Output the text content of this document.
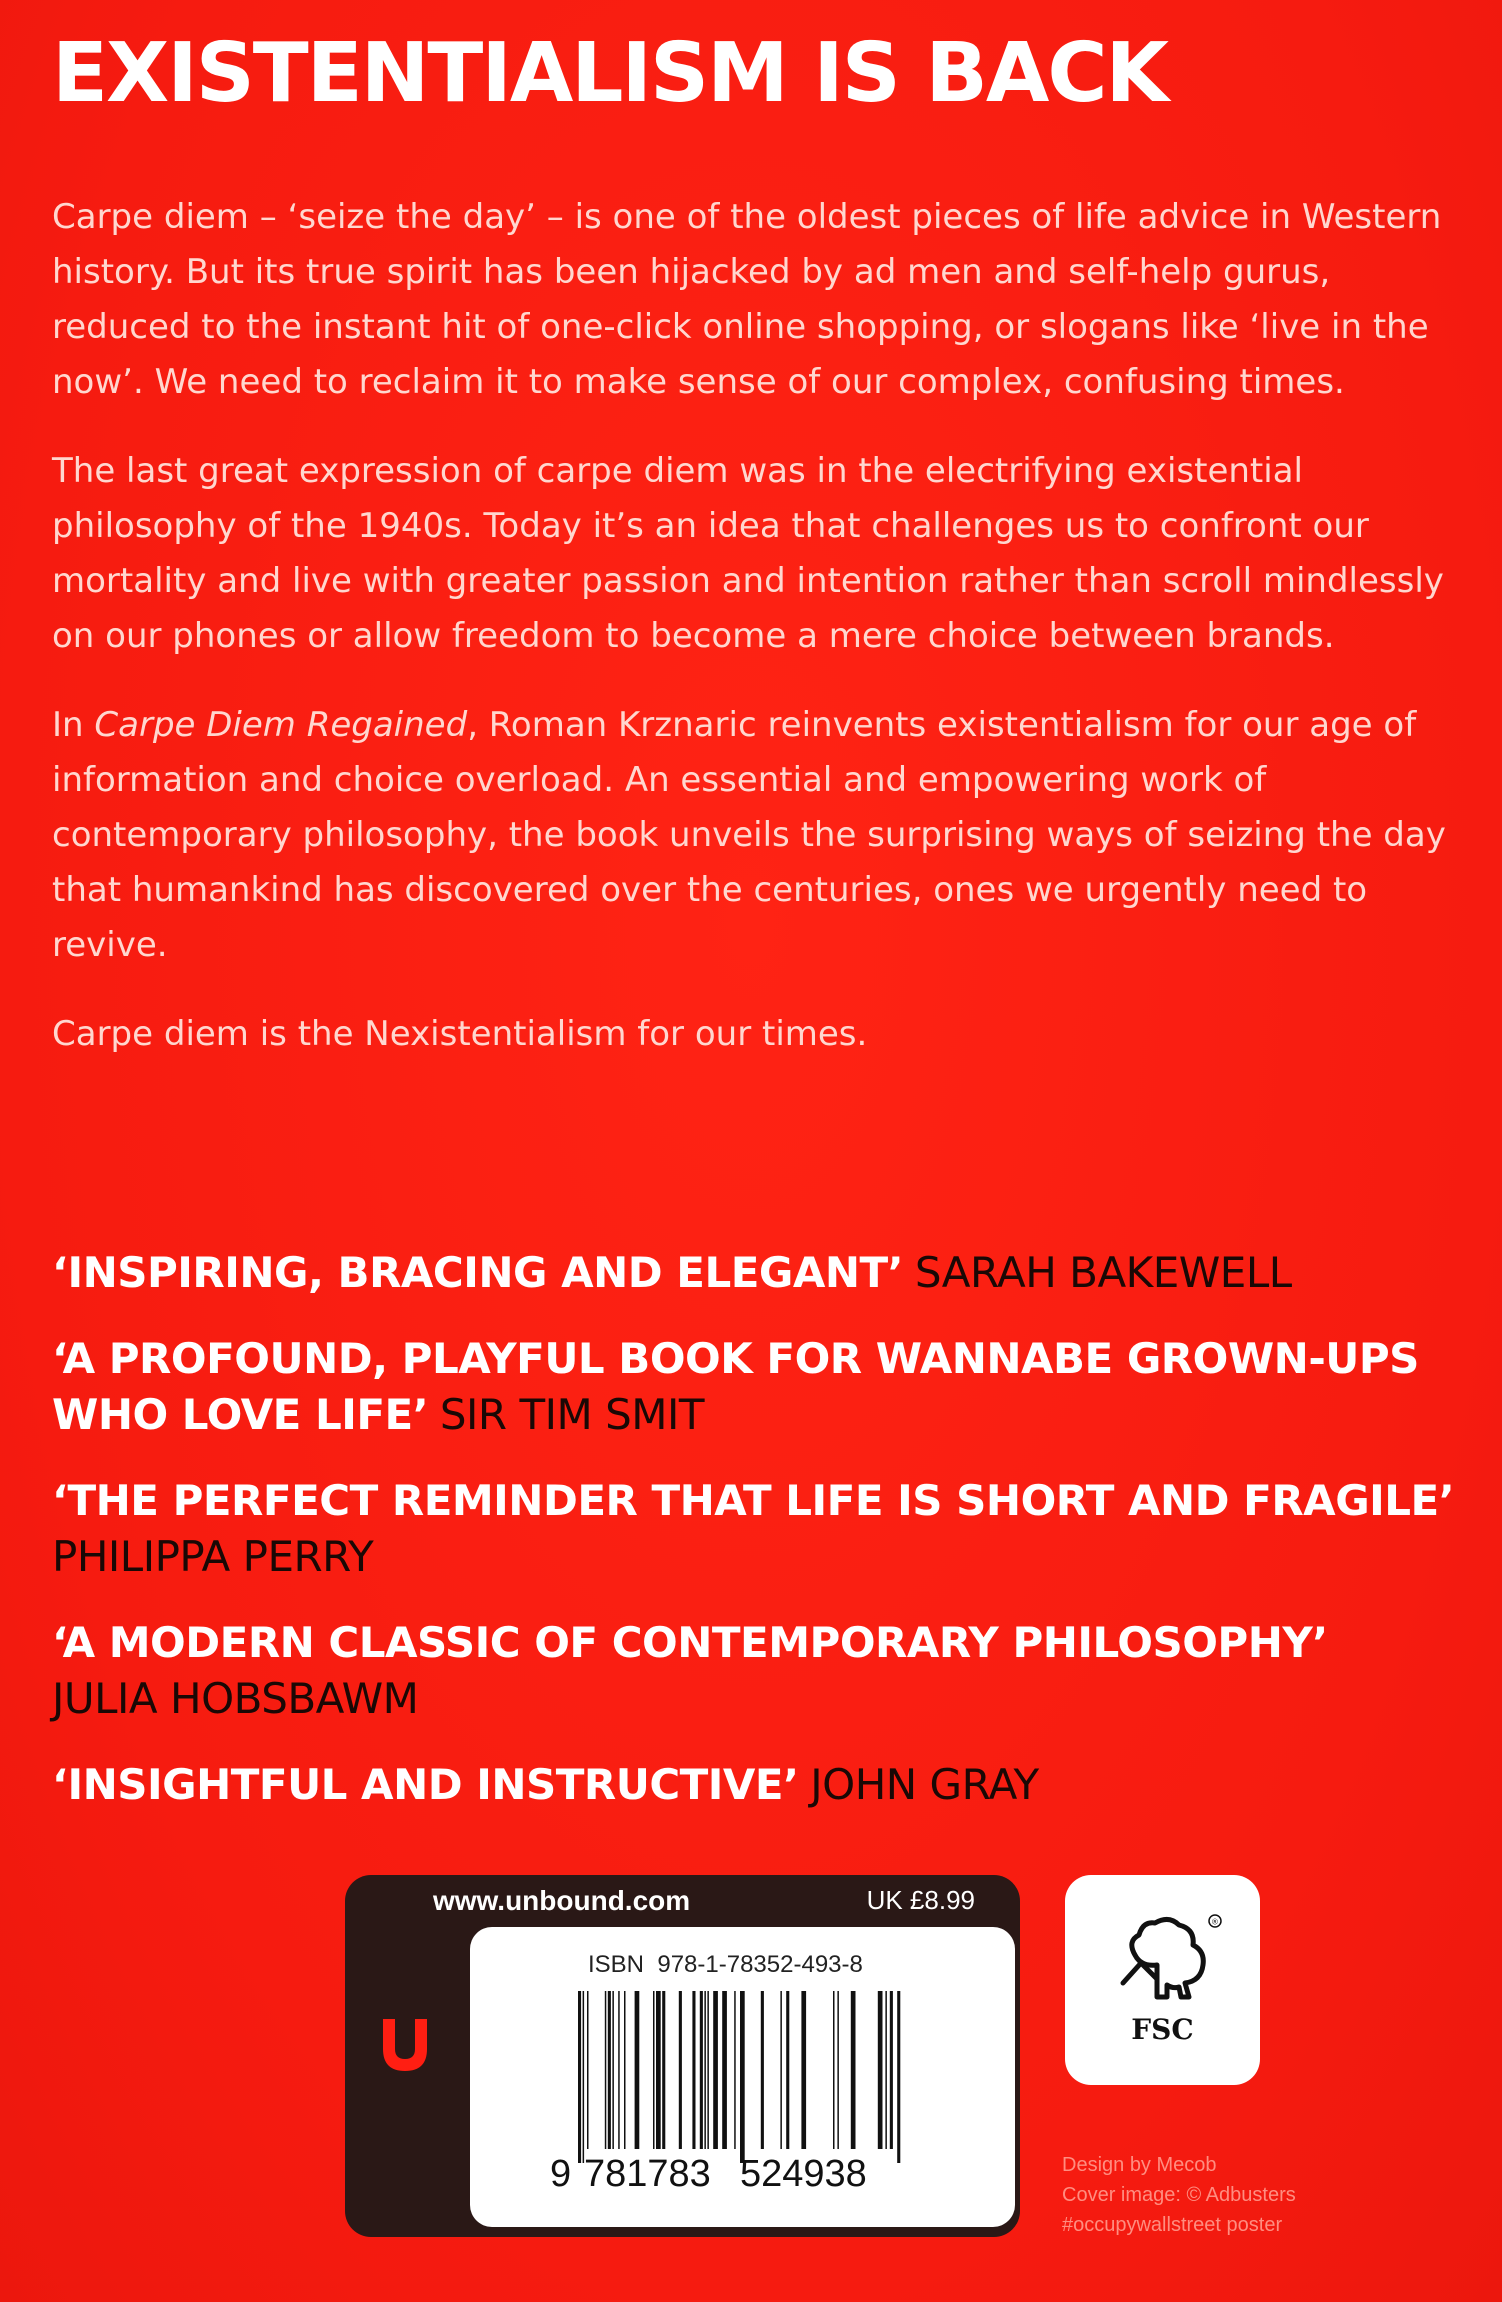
EXISTENTIALISM IS BACK

Carpe diem – ‘seize the day’ – is one of the oldest pieces of life advice in Western history. But its true spirit has been hijacked by ad men and self-help gurus, reduced to the instant hit of one-click online shopping, or slogans like ‘live in the now’. We need to reclaim it to make sense of our complex, confusing times.

The last great expression of carpe diem was in the electrifying existential philosophy of the 1940s. Today it’s an idea that challenges us to confront our mortality and live with greater passion and intention rather than scroll mindlessly on our phones or allow freedom to become a mere choice between brands.

In Carpe Diem Regained, Roman Krznaric reinvents existentialism for our age of information and choice overload. An essential and empowering work of contemporary philosophy, the book unveils the surprising ways of seizing the day that humankind has discovered over the centuries, ones we urgently need to revive.

Carpe diem is the Nexistentialism for our times.

‘INSPIRING, BRACING AND ELEGANT’ SARAH BAKEWELL

‘A PROFOUND, PLAYFUL BOOK FOR WANNABE GROWN-UPS WHO LOVE LIFE’ SIR TIM SMIT

‘THE PERFECT REMINDER THAT LIFE IS SHORT AND FRAGILE’
PHILIPPA PERRY

‘A MODERN CLASSIC OF CONTEMPORARY PHILOSOPHY’
JULIA HOBSBAWM

‘INSIGHTFUL AND INSTRUCTIVE’ JOHN GRAY

www.unbound.com	UK £8.99
ISBN 978-1-78352-493-8
9 781783 524938
®
FSC
Design by Mecob
Cover image: © Adbusters
#occupywallstreet poster
